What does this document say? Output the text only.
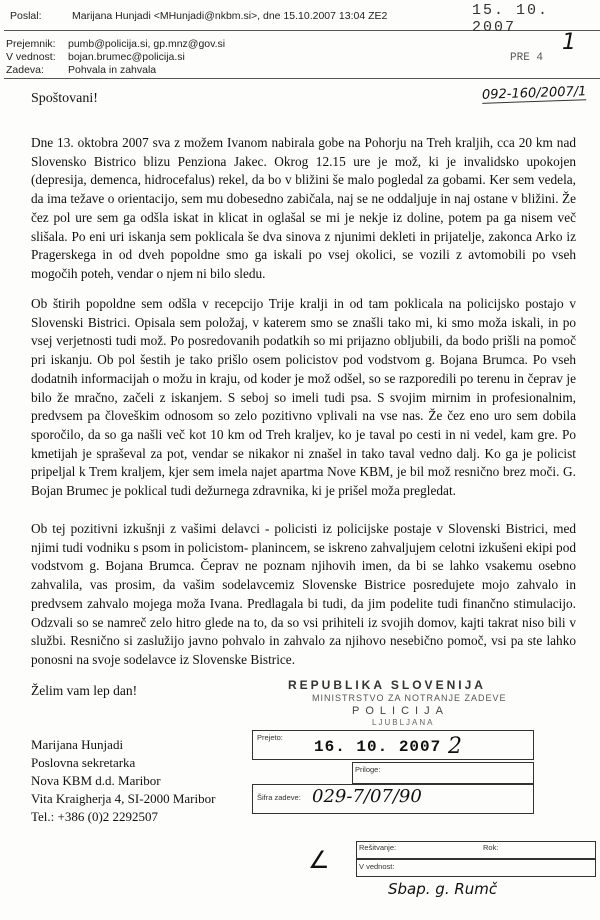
Poslal:	Marijana Hunjadi <MHunjadi@nkbm.si>, dne 15.10.2007 13:04 ZE2
Prejemnik: pumb@policija.si, gp.mnz@gov.si
V vednost: bojan.brumec@policija.si
Zadeva: Pohvala in zahvala
15. 10. 2007
PRE 4
1
092-160/2007/1
Spoštovani!

Dne 13. oktobra 2007 sva z možem Ivanom nabirala gobe na Pohorju na Treh kraljih, cca 20 km nad Slovensko Bistrico blizu Penziona Jakec. Okrog 12.15 ure je mož, ki je invalidsko upokojen (depresija, demenca, hidrocefalus) rekel, da bo v bližini še malo pogledal za gobami. Ker sem vedela, da ima težave o orientacijo, sem mu dobesedno zabičala, naj se ne oddaljuje in naj ostane v bližini. Že čez pol ure sem ga odšla iskat in klicat in oglašal se mi je nekje iz doline, potem pa ga nisem več slišala. Po eni uri iskanja sem poklicala še dva sinova z njunimi dekleti in prijatelje, zakonca Arko iz Pragerskega in od dveh popoldne smo ga iskali po vsej okolici, se vozili z avtomobili po vseh mogočih poteh, vendar o njem ni bilo sledu.

Ob štirih popoldne sem odšla v recepcijo Trije kralji in od tam poklicala na policijsko postajo v Slovenski Bistrici. Opisala sem položaj, v katerem smo se znašli tako mi, ki smo moža iskali, in po vsej verjetnosti tudi mož. Po posredovanih podatkih so mi prijazno obljubili, da bodo prišli na pomoč pri iskanju. Ob pol šestih je tako prišlo osem policistov pod vodstvom g. Bojana Brumca. Po vseh dodatnih informacijah o možu in kraju, od koder je mož odšel, so se razporedili po terenu in čeprav je bilo že mračno, začeli z iskanjem. S seboj so imeli tudi psa. S svojim mirnim in profesionalnim, predvsem pa človeškim odnosom so zelo pozitivno vplivali na vse nas. Že čez eno uro sem dobila sporočilo, da so ga našli več kot 10 km od Treh kraljev, ko je taval po cesti in ni vedel, kam gre. Po kmetijah je spraševal za pot, vendar se nikakor ni znašel in tako taval vedno dalj. Ko ga je policist pripeljal k Trem kraljem, kjer sem imela najet apartma Nove KBM, je bil mož resnično brez moči. G. Bojan Brumec je poklical tudi dežurnega zdravnika, ki je prišel moža pregledat.

Ob tej pozitivni izkušnji z vašimi delavci - policisti iz policijske postaje v Slovenski Bistrici, med njimi tudi vodniku s psom in policistom- planincem, se iskreno zahvaljujem celotni izkušeni ekipi pod vodstvom g. Bojana Brumca. Čeprav ne poznam njihovih imen, da bi se lahko vsakemu osebno zahvalila, vas prosim, da vašim sodelavcemiz Slovenske Bistrice posredujete mojo zahvalo in predvsem zahvalo mojega moža Ivana. Predlagala bi tudi, da jim podelite tudi finančno stimulacijo. Odzvali so se namreč zelo hitro glede na to, da so vsi prihiteli iz svojih domov, kajti takrat niso bili v službi. Resnično si zaslužijo javno pohvalo in zahvalo za njihovo nesebično pomoč, vsi pa ste lahko ponosni na svoje sodelavce iz Slovenske Bistrice.

Želim vam lep dan!
Marijana Hunjadi
Poslovna sekretarka
Nova KBM d.d. Maribor
Vita Kraigherja 4, SI-2000 Maribor
Tel.: +386 (0)2 2292507
REPUBLIKA SLOVENIJA
MINISTRSTVO ZA NOTRANJE ZADEVE
POLICIJA
LJUBLJANA
Prejeto:
16. 10. 2007 2
Priloge:
Šifra zadeve: 029-7/07/90
Rešitvanje:	Rok:
V vednost:
∠
Sbap. g. Rumč
